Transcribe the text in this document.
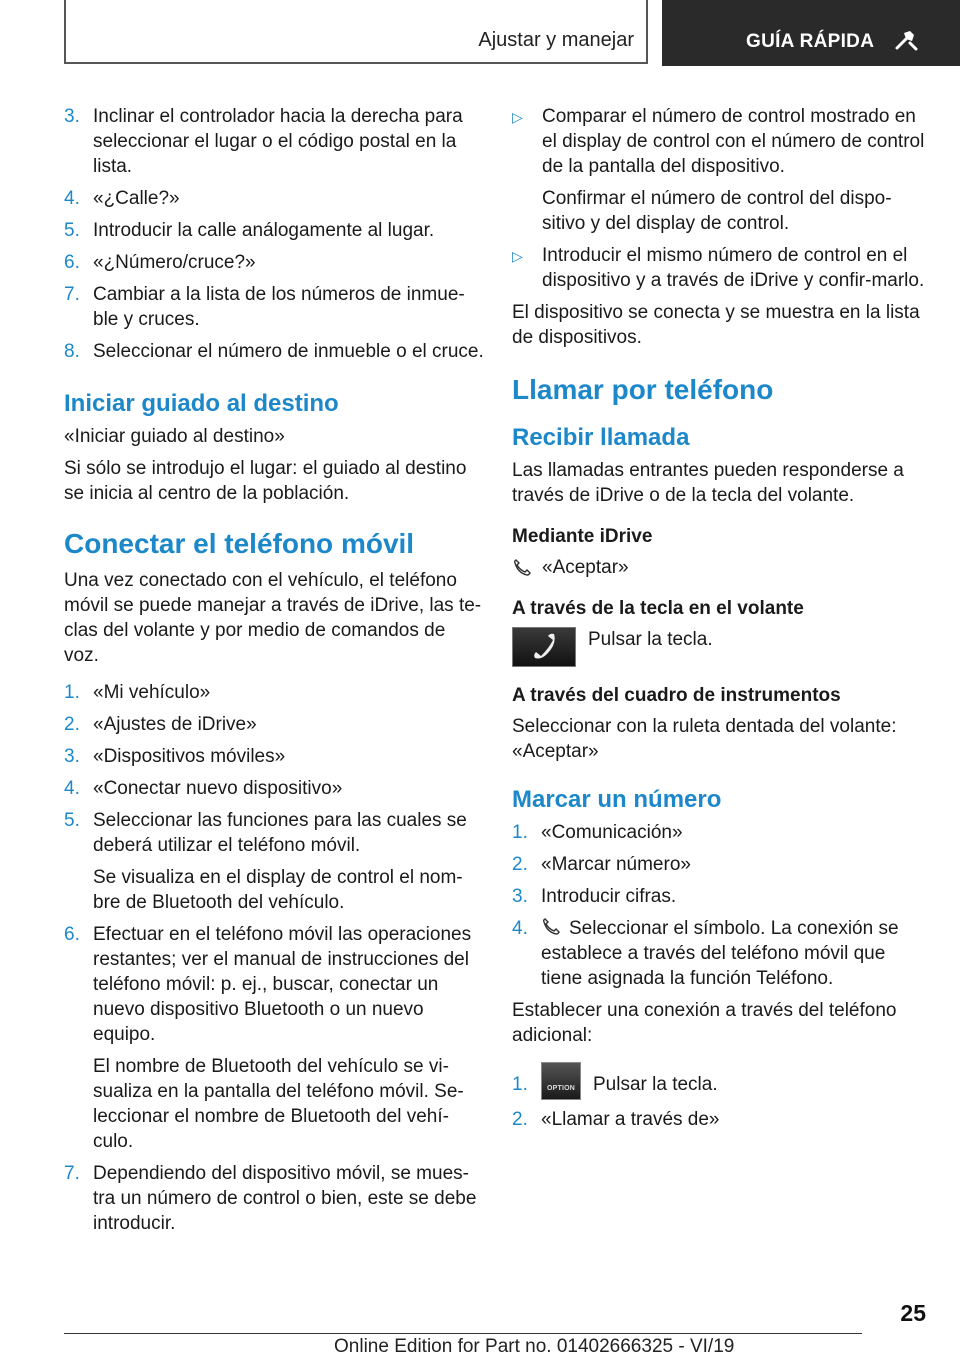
Ajustar y manejar	GUÍA RÁPIDA
3. Inclinar el controlador hacia la derecha para seleccionar el lugar o el código postal en la lista.
4. «¿Calle?»
5. Introducir la calle análogamente al lugar.
6. «¿Número/cruce?»
7. Cambiar a la lista de los números de inmue‐ble y cruces.
8. Seleccionar el número de inmueble o el cruce.
Iniciar guiado al destino
«Iniciar guiado al destino»
Si sólo se introdujo el lugar: el guiado al destino se inicia al centro de la población.
Conectar el teléfono móvil
Una vez conectado con el vehículo, el teléfono móvil se puede manejar a través de iDrive, las te‐clas del volante y por medio de comandos de voz.
1. «Mi vehículo»
2. «Ajustes de iDrive»
3. «Dispositivos móviles»
4. «Conectar nuevo dispositivo»
5. Seleccionar las funciones para las cuales se deberá utilizar el teléfono móvil.
Se visualiza en el display de control el nom‐bre de Bluetooth del vehículo.
6. Efectuar en el teléfono móvil las operaciones restantes; ver el manual de instrucciones del teléfono móvil: p. ej., buscar, conectar un nuevo dispositivo Bluetooth o un nuevo equipo.
El nombre de Bluetooth del vehículo se vi‐sualiza en la pantalla del teléfono móvil. Se‐leccionar el nombre de Bluetooth del vehí‐culo.
7. Dependiendo del dispositivo móvil, se mues‐tra un número de control o bien, este se debe introducir.
▷	Comparar el número de control mostrado en el display de control con el número de control de la pantalla del dispositivo.
Confirmar el número de control del dispo‐sitivo y del display de control.
▷	Introducir el mismo número de control en el dispositivo y a través de iDrive y confir‐marlo.
El dispositivo se conecta y se muestra en la lista de dispositivos.
Llamar por teléfono
Recibir llamada
Las llamadas entrantes pueden responderse a través de iDrive o de la tecla del volante.
Mediante iDrive
«Aceptar»
A través de la tecla en el volante
Pulsar la tecla.
A través del cuadro de instrumentos
Seleccionar con la ruleta dentada del volante: «Aceptar»
Marcar un número
1. «Comunicación»
2. «Marcar número»
3. Introducir cifras.
4.	Seleccionar el símbolo. La conexión se establece a través del teléfono móvil que tiene asignada la función Teléfono.
Establecer una conexión a través del teléfono adicional:
1.	OPTION Pulsar la tecla.
2. «Llamar a través de»
25
Online Edition for Part no. 01402666325 - VI/19
